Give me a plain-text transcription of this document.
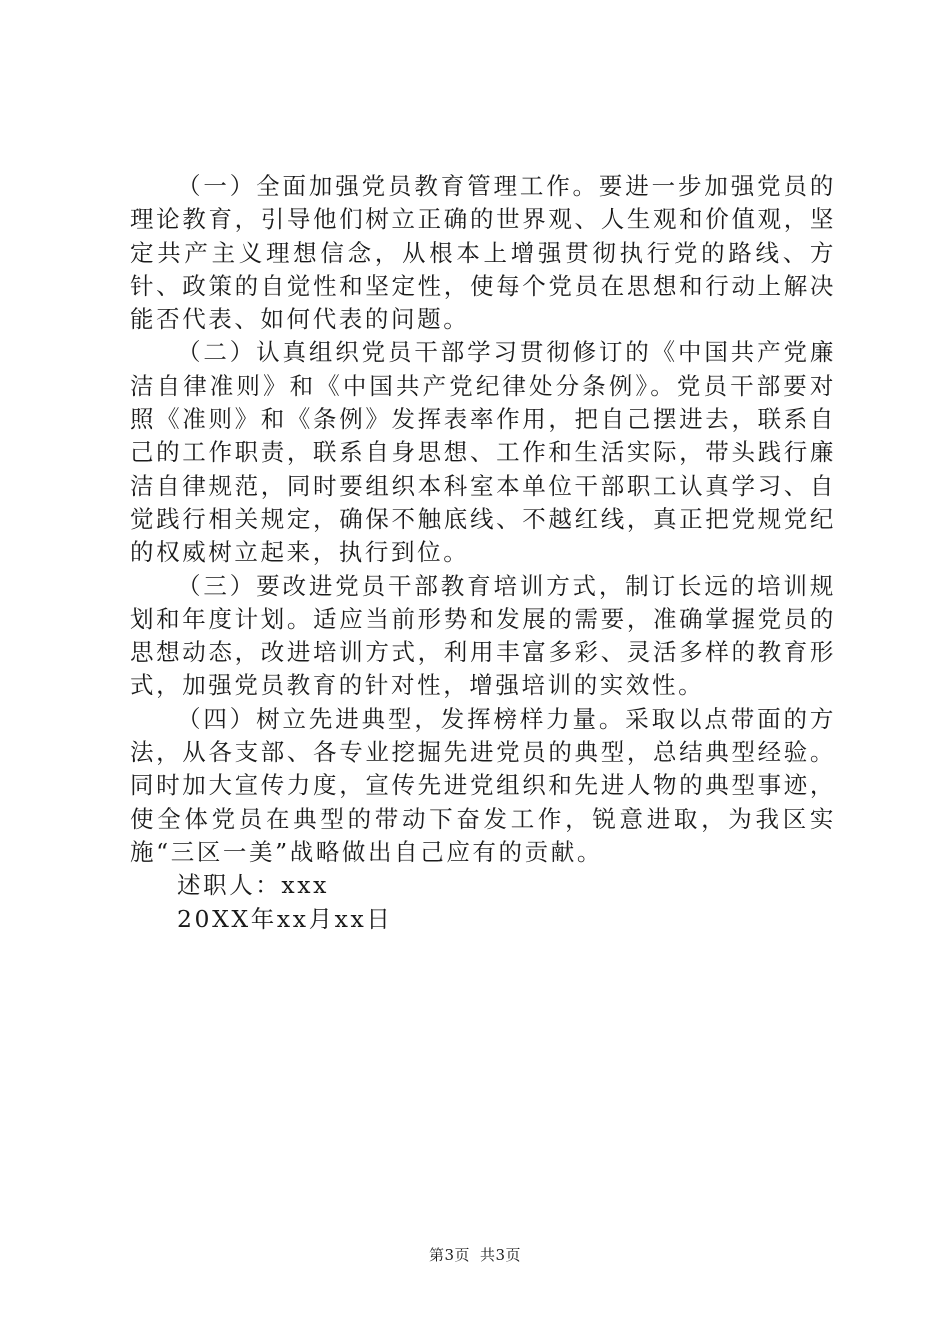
（一）全面加强党员教育管理工作。要进一步加强党员的理论教育，引导他们树立正确的世界观、人生观和价值观，坚定共产主义理想信念，从根本上增强贯彻执行党的路线、方针、政策的自觉性和坚定性，使每个党员在思想和行动上解决能否代表、如何代表的问题。

（二）认真组织党员干部学习贯彻修订的《中国共产党廉洁自律准则》和《中国共产党纪律处分条例》。党员干部要对照《准则》和《条例》发挥表率作用，把自己摆进去，联系自己的工作职责，联系自身思想、工作和生活实际，带头践行廉洁自律规范，同时要组织本科室本单位干部职工认真学习、自觉践行相关规定，确保不触底线、不越红线，真正把党规党纪的权威树立起来，执行到位。

（三）要改进党员干部教育培训方式，制订长远的培训规划和年度计划。适应当前形势和发展的需要，准确掌握党员的思想动态，改进培训方式，利用丰富多彩、灵活多样的教育形式，加强党员教育的针对性，增强培训的实效性。

（四）树立先进典型，发挥榜样力量。采取以点带面的方法，从各支部、各专业挖掘先进党员的典型，总结典型经验。同时加大宣传力度，宣传先进党组织和先进人物的典型事迹，使全体党员在典型的带动下奋发工作，锐意进取，为我区实施“三区一美”战略做出自己应有的贡献。

述职人：xxx

20XX年xx月xx日

第3页 共3页
